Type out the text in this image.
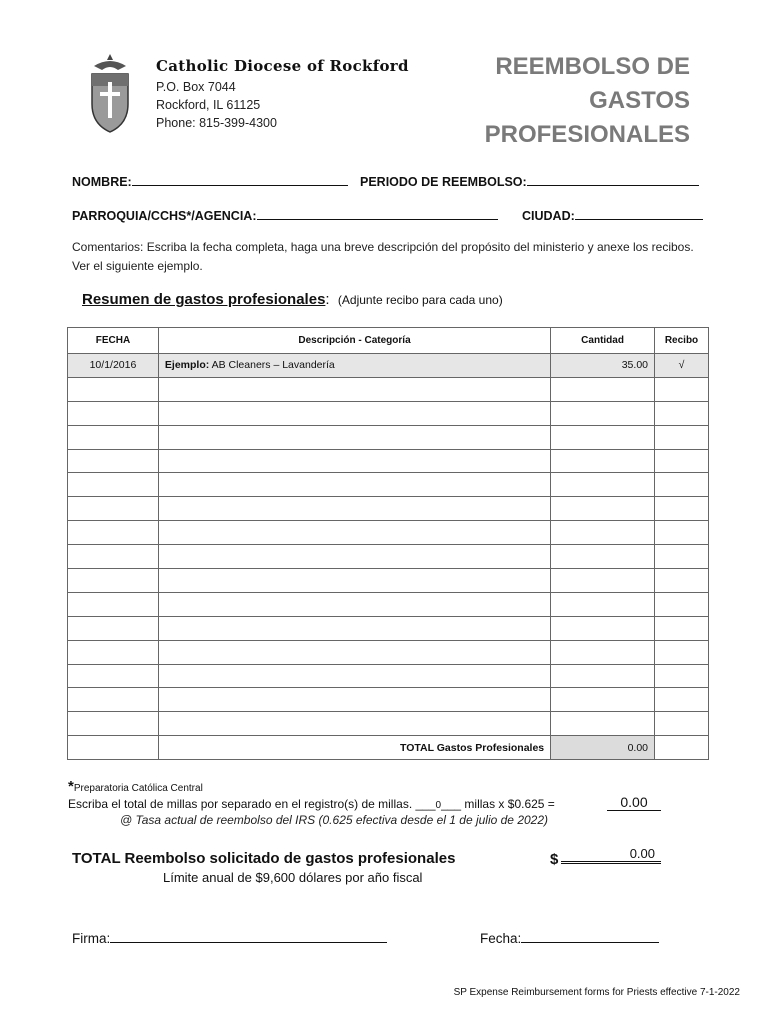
Catholic Diocese of Rockford
P.O. Box 7044
Rockford, IL 61125
Phone: 815-399-4300
REEMBOLSO DE
GASTOS
PROFESIONALES
NOMBRE:	PERIODO DE REEMBOLSO:
PARROQUIA/CCHS*/AGENCIA:	CIUDAD:
Comentarios: Escriba la fecha completa, haga una breve descripción del propósito del ministerio y anexe los recibos. Ver el siguiente ejemplo.
Resumen de gastos profesionales: (Adjunte recibo para cada uno)
FECHA	Descripción - Categoría	Cantidad	Recibo
10/1/2016	Ejemplo: AB Cleaners – Lavandería	35.00	√

	TOTAL Gastos Profesionales	0.00	
*Preparatoria Católica Central
Escriba el total de millas por separado en el registro(s) de millas. ___0___ millas x $0.625 =	0.00
@ Tasa actual de reembolso del IRS (0.625 efectiva desde el 1 de julio de 2022)
TOTAL Reembolso solicitado de gastos profesionales
Límite anual de $9,600 dólares por año fiscal
$	0.00
Firma:	Fecha:
SP Expense Reimbursement forms for Priests effective 7-1-2022
